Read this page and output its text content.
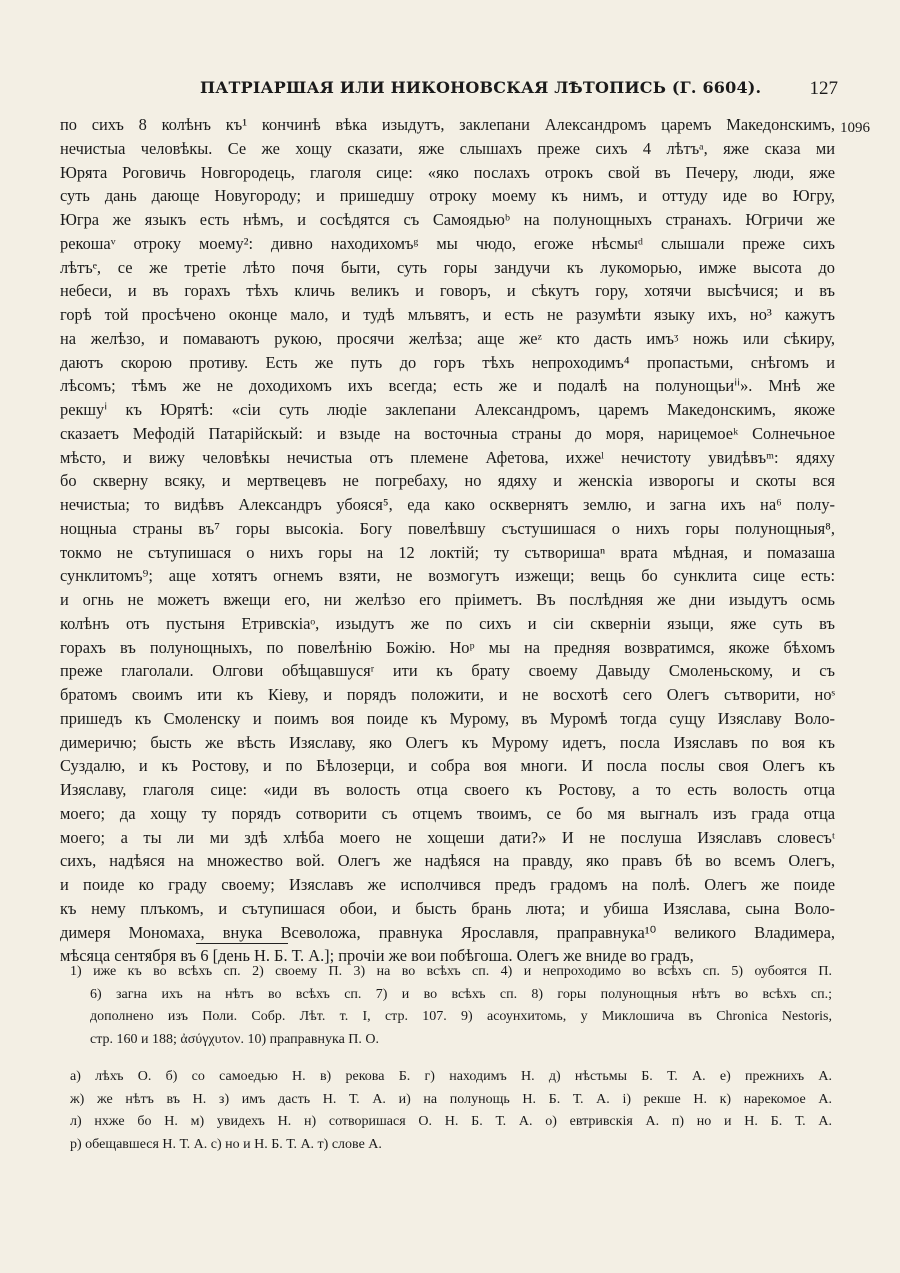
ПАТРІАРШАЯ ИЛИ НИКОНОВСКАЯ ЛѢТОПИСЬ (Г. 6604).	127
1096
по сихъ 8 колѣнъ къ¹ кончинѣ вѣка изыдутъ, заклепани Александромъ царемъ Македонскимъ,
нечистыа человѣкы. Се же хощу сказати, яже слышахъ преже сихъ 4 лѣтъᵃ, яже сказа ми
Юрята Роговичь Новгородець, глаголя сице: «яко послахъ отрокъ свой въ Печеру, люди, яже
суть дань дающе Новугороду; и пришедшу отроку моему къ нимъ, и оттуду иде во Югру,
Югра же языкъ есть нѣмъ, и сосѣдятся съ Самоядьюᵇ на полунощныхъ странахъ. Югричи же
рекошаᵛ отроку моему²: дивно находихомъᵍ мы чюдо, егоже нѣсмыᵈ слышали преже сихъ
лѣтъᵉ, се же третіе лѣто почя быти, суть горы зандучи къ лукоморью, имже высота до
небеси, и въ горахъ тѣхъ кличь великъ и говоръ, и сѣкутъ гору, хотячи высѣчися; и въ
горѣ той просѣчено оконце мало, и тудѣ млъвятъ, и есть не разумѣти языку ихъ, но³ кажутъ
на желѣзо, и помаваютъ рукою, просячи желѣза; аще жеᶻ кто дасть имъᶾ ножь или сѣкиру,
даютъ скорою противу. Есть же путь до горъ тѣхъ непроходимъ⁴ пропастьми, снѣгомъ и
лѣсомъ; тѣмъ же не доходихомъ ихъ всегда; есть же и подалѣ на полунощьиⁱⁱ». Мнѣ же
рекшуⁱ къ Юрятѣ: «сіи суть людіе заклепани Александромъ, царемъ Македонскимъ, якоже
сказаетъ Мефодій Патарійскый: и взыде на восточныа страны до моря, нарицемоеᵏ Солнечьное
мѣсто, и вижу человѣкы нечистыа отъ племене Афетова, ихжеˡ нечистоту увидѣвъᵐ: ядяху
бо скверну всяку, и мертвецевъ не погребаху, но ядяху и женскіа изворогы и скоты вся
нечистыа; то видѣвъ Александръ убояся⁵, еда како осквернятъ землю, и загна ихъ на⁶ полу-
нощныа страны въ⁷ горы высокіа. Богу повелѣвшу състушишася о нихъ горы полунощныя⁸,
токмо не сътупишася о нихъ горы на 12 локтій; ту сътворишаⁿ врата мѣдная, и помазаша
сунклитомъ⁹; аще хотятъ огнемъ взяти, не возмогутъ изжещи; вещь бо сунклита сице есть:
и огнь не можетъ вжещи его, ни желѣзо его пріиметъ. Въ послѣдняя же дни изыдутъ осмь
колѣнъ отъ пустыня Етривскіаᵒ, изыдутъ же по сихъ и сіи скверніи языци, яже суть въ
горахъ въ полунощныхъ, по повелѣнію Божію. Ноᵖ мы на предняя возвратимся, якоже бѣхомъ
преже глаголали. Олгови обѣщавшусяʳ ити къ брату своему Давыду Смоленьскому, и съ
братомъ своимъ ити къ Кіеву, и порядъ положити, и не восхотѣ сего Олегъ сътворити, ноˢ
пришедъ къ Смоленску и поимъ воя поиде къ Мурому, въ Муромѣ тогда сущу Изяславу Воло-
димеричю; бысть же вѣсть Изяславу, яко Олегъ къ Мурому идетъ, посла Изяславъ по воя къ
Суздалю, и къ Ростову, и по Бѣлозерци, и собра воя многи. И посла послы своя Олегъ къ
Изяславу, глаголя сице: «иди въ волость отца своего къ Ростову, а то есть волость отца
моего; да хощу ту порядъ сотворити съ отцемъ твоимъ, се бо мя выгналъ изъ града отца
моего; а ты ли ми здѣ хлѣба моего не хощеши дати?» И не послуша Изяславъ словесъᵗ
сихъ, надѣяся на множество вой. Олегъ же надѣяся на правду, яко правъ бѣ во всемъ Олегъ,
и поиде ко граду своему; Изяславъ же исполчився предъ градомъ на полѣ. Олегъ же поиде
къ нему плъкомъ, и сътупишася обои, и бысть брань люта; и убиша Изяслава, сына Воло-
димеря Мономаха, внука Всеволожа, правнука Ярославля, праправнука¹⁰ великого Владимера,
мѣсяца сентября въ 6 [день Н. Б. Т. А.]; прочіи же вои побѣгоша. Олегъ же вниде во градъ,
1) иже къ во всѣхъ сп. 2) своему П. 3) на во всѣхъ сп. 4) и непроходимо во всѣхъ сп. 5) оубоятся П.
6) загна ихъ на нѣтъ во всѣхъ сп. 7) и во всѣхъ сп. 8) горы полунощныя нѣтъ во всѣхъ сп.;
дополнено изъ Поли. Собр. Лѣт. т. І, стр. 107. 9) асоунхитомь, у Миклошича въ Chronica Nestoris,
стр. 160 и 188; ἀσύγχυτον. 10) праправнука П. О.
а) лѣхъ О. б) со самоедью Н. в) рекова Б. г) находимъ Н. д) нѣстьмы Б. Т. А. е) прежнихъ А.
ж) же нѣтъ въ Н. з) имъ дасть Н. Т. А. и) на полунощь Н. Б. Т. А. і) рекше Н. к) нарекомое А.
л) нхже бо Н. м) увидехъ Н. н) сотворишася О. Н. Б. Т. А. о) евтривскія А. п) но и Н. Б. Т. А.
р) обещавшеся Н. Т. А. с) но и Н. Б. Т. А. т) слове А.
